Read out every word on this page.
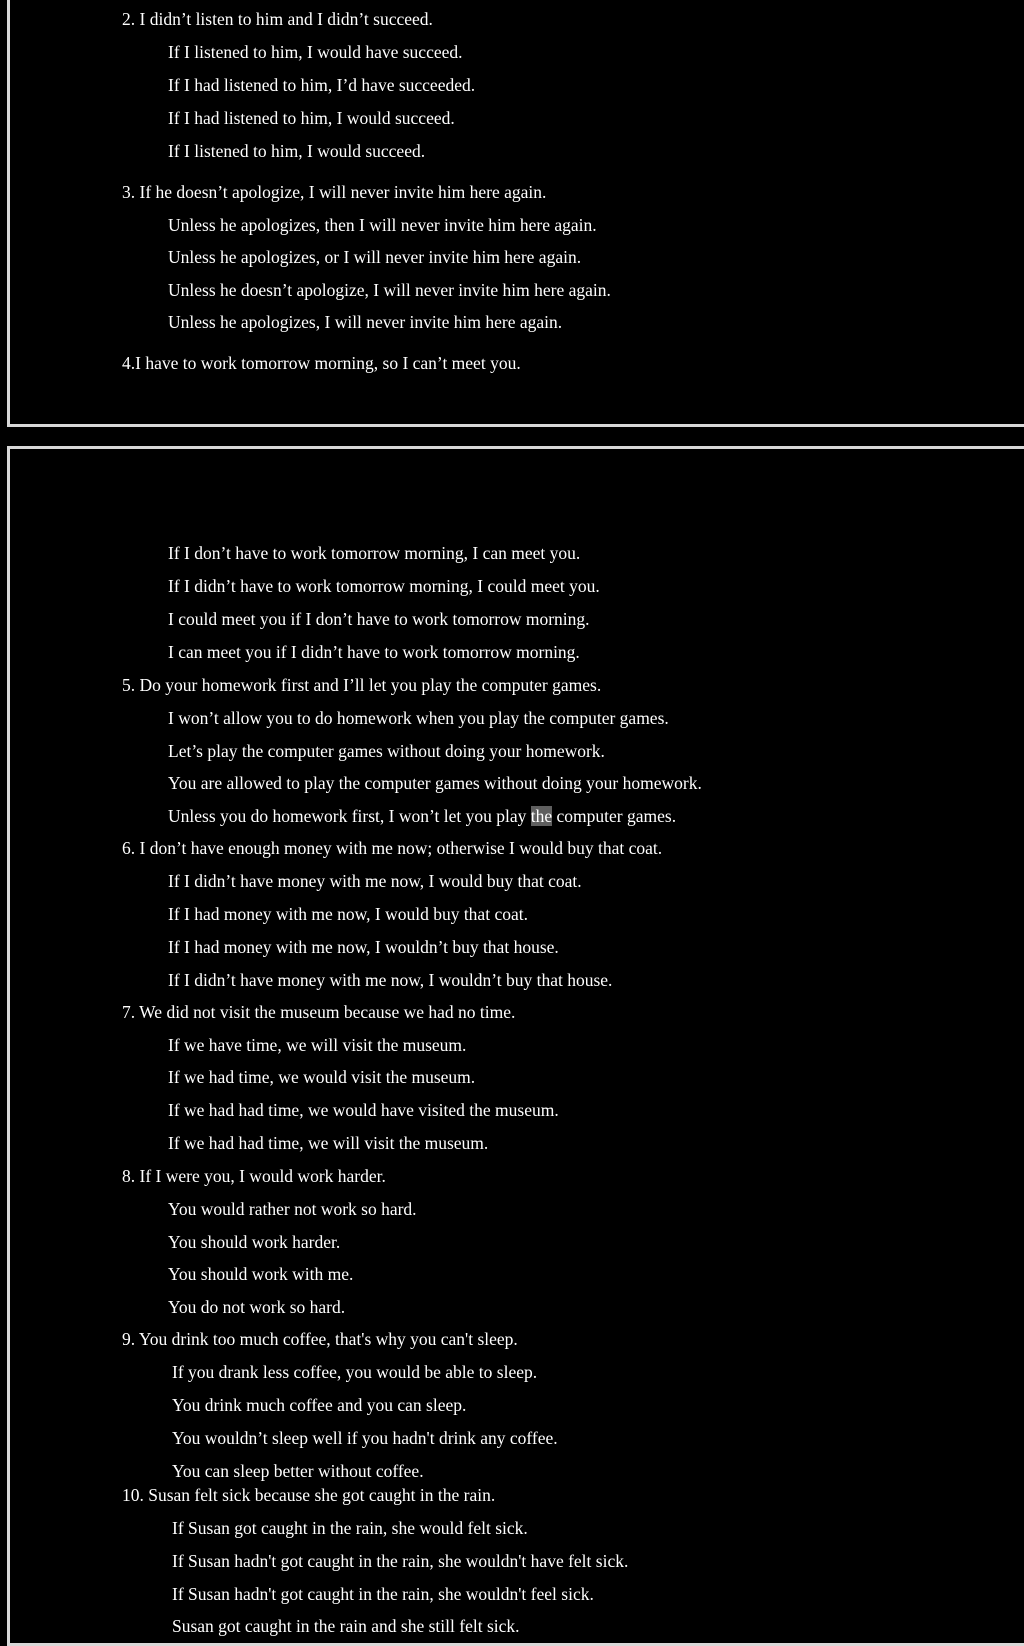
2. I didn’t listen to him and I didn’t succeed.
If I listened to him, I would have succeed.
If I had listened to him, I’d have succeeded.
If I had listened to him, I would succeed.
If I listened to him, I would succeed.
3. If he doesn’t apologize, I will never invite him here again.
Unless he apologizes, then I will never invite him here again.
Unless he apologizes, or I will never invite him here again.
Unless he doesn’t apologize, I will never invite him here again.
Unless he apologizes, I will never invite him here again.
4.I have to work tomorrow morning, so I can’t meet you.
If I don’t have to work tomorrow morning, I can meet you.
If I didn’t have to work tomorrow morning, I could meet you.
I could meet you if I don’t have to work tomorrow morning.
I can meet you if I didn’t have to work tomorrow morning.
5. Do your homework first and I’ll let you play the computer games.
I won’t allow you to do homework when you play the computer games.
Let’s play the computer games without doing your homework.
You are allowed to play the computer games without doing your homework.
Unless you do homework first, I won’t let you play the computer games.
6. I don’t have enough money with me now; otherwise I would buy that coat.
If I didn’t have money with me now, I would buy that coat.
If I had money with me now, I would buy that coat.
If I had money with me now, I wouldn’t buy that house.
If I didn’t have money with me now, I wouldn’t buy that house.
7. We did not visit the museum because we had no time.
If we have time, we will visit the museum.
If we had time, we would visit the museum.
If we had had time, we would have visited the museum.
If we had had time, we will visit the museum.
8. If I were you, I would work harder.
You would rather not work so hard.
You should work harder.
You should work with me.
You do not work so hard.
9. You drink too much coffee, that's why you can't sleep.
If you drank less coffee, you would be able to sleep.
You drink much coffee and you can sleep.
You wouldn’t sleep well if you hadn't drink any coffee.
You can sleep better without coffee.
10. Susan felt sick because she got caught in the rain.
If Susan got caught in the rain, she would felt sick.
If Susan hadn't got caught in the rain, she wouldn't have felt sick.
If Susan hadn't got caught in the rain, she wouldn't feel sick.
Susan got caught in the rain and she still felt sick.
